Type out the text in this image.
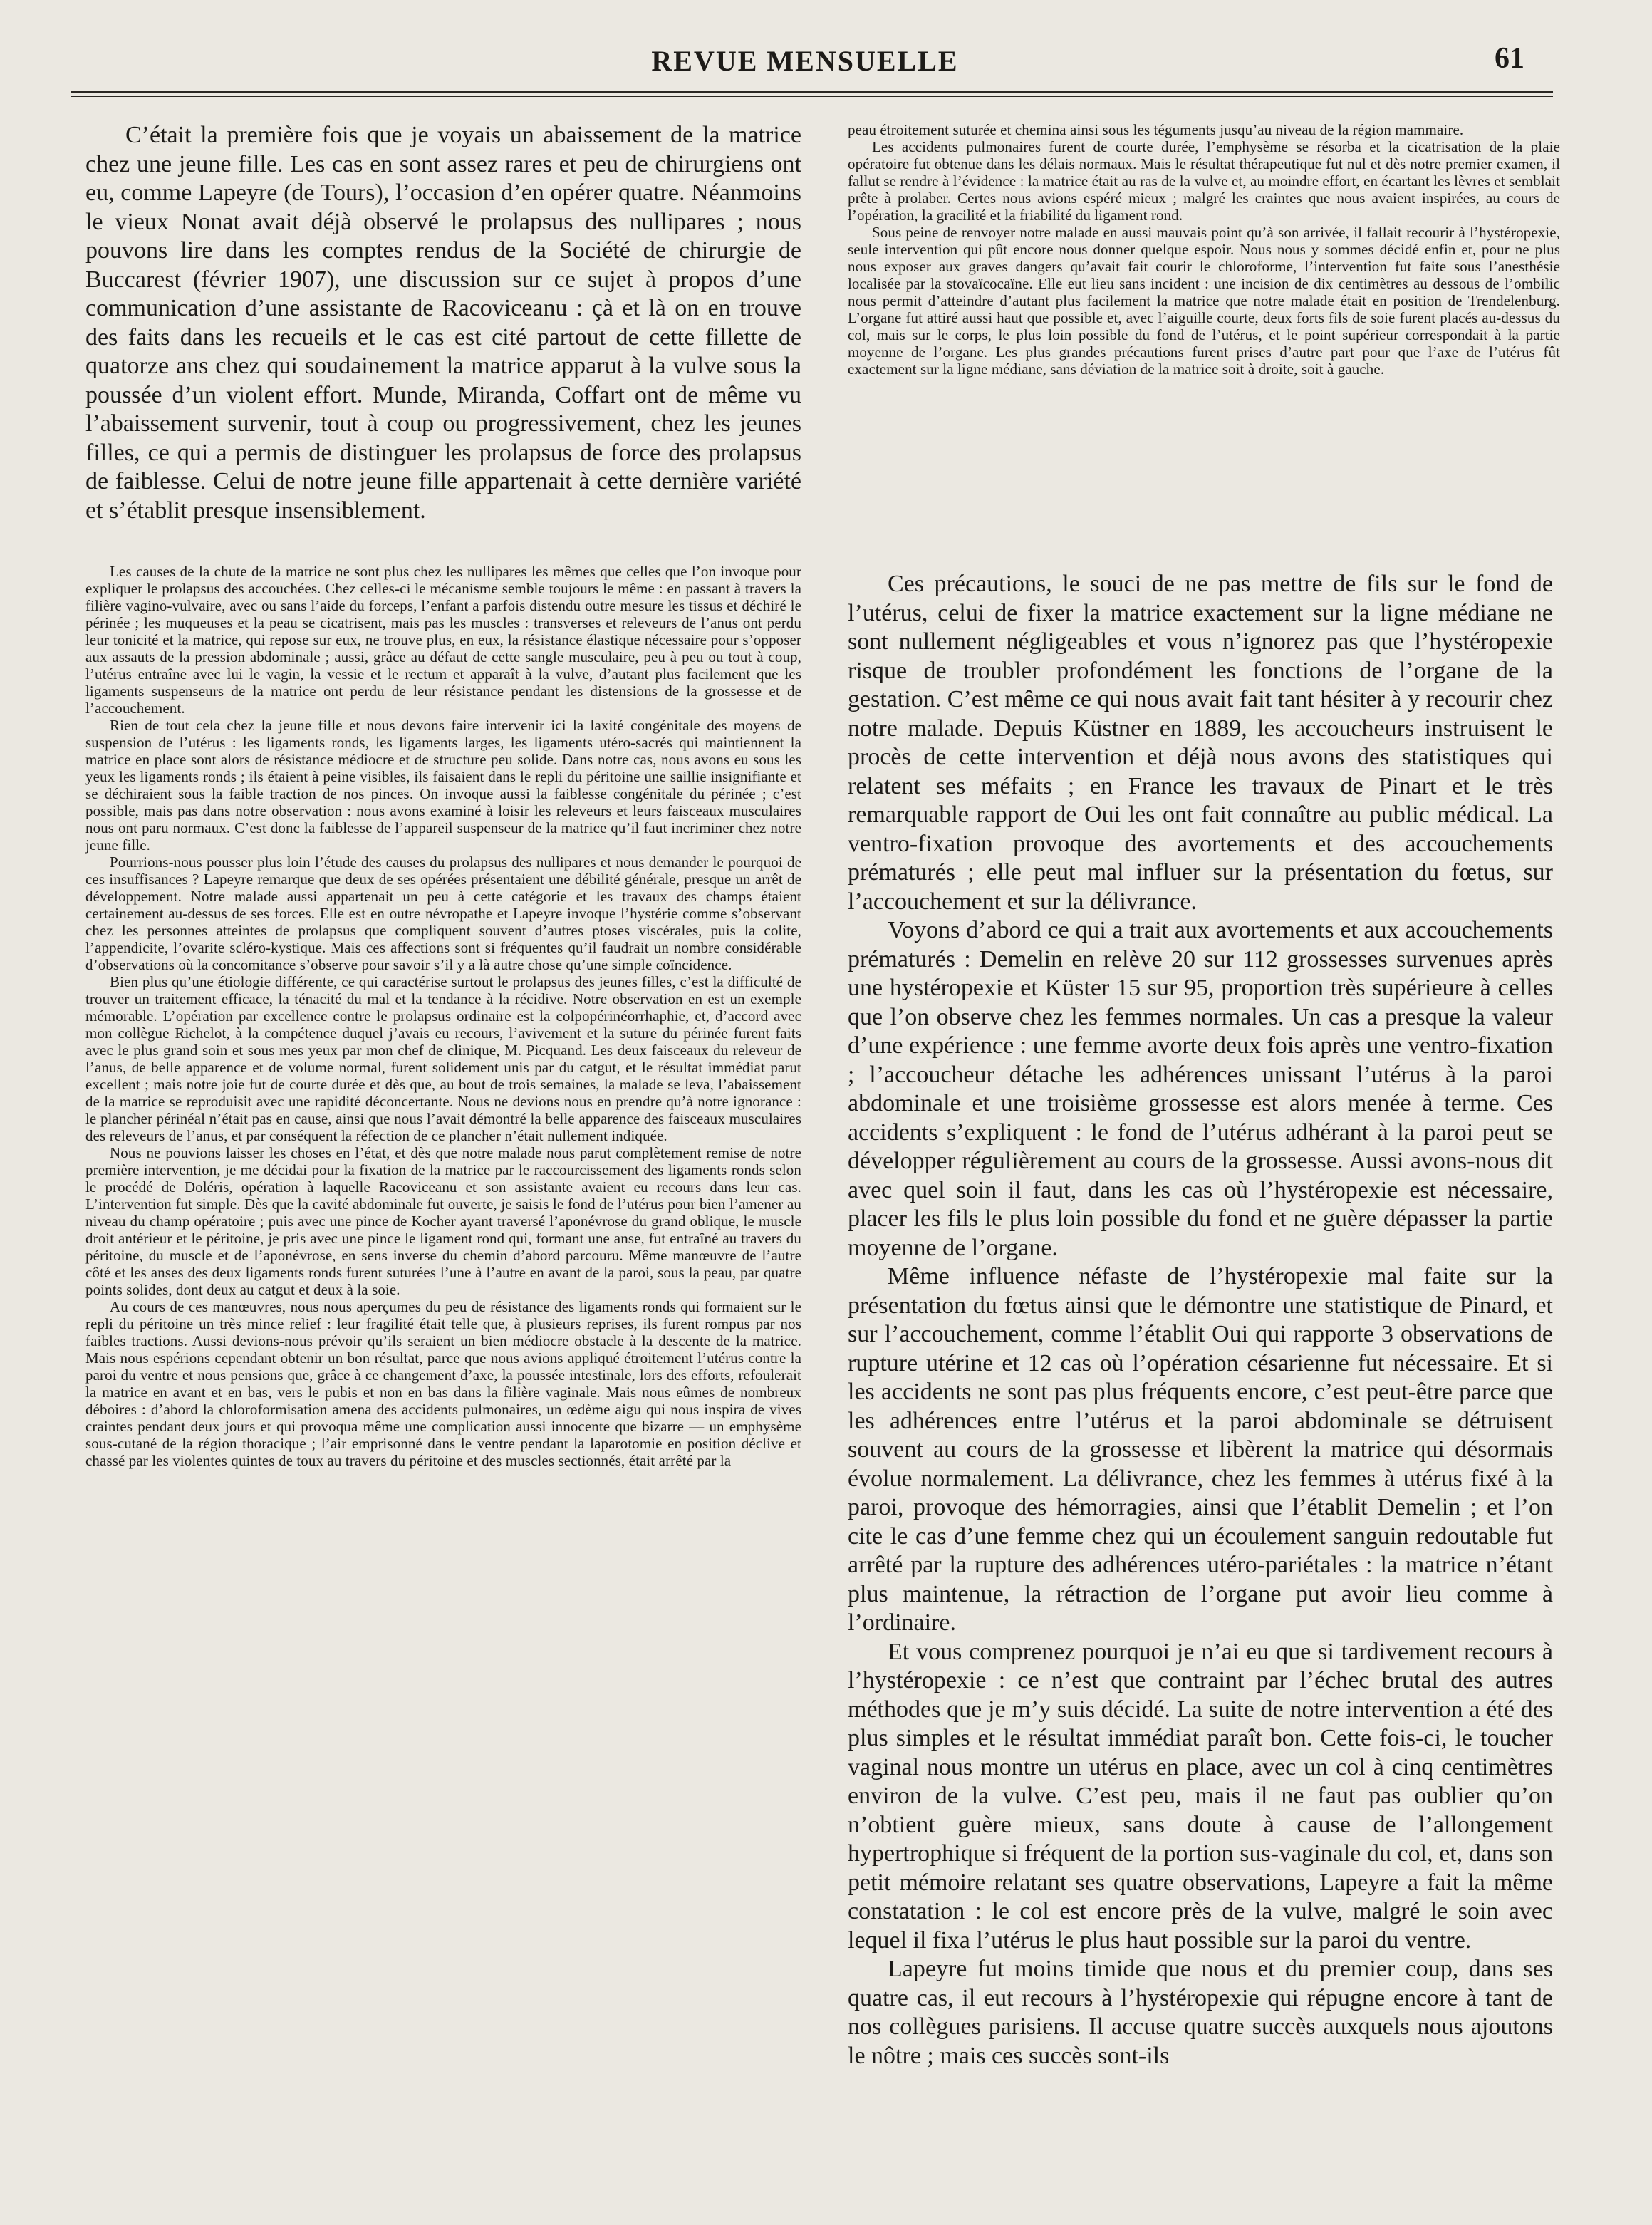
REVUE MENSUELLE	61

C’était la première fois que je voyais un abaissement de la matrice chez une jeune fille. Les cas en sont assez rares et peu de chirurgiens ont eu, comme Lapeyre (de Tours), l’occasion d’en opérer quatre. Néanmoins le vieux Nonat avait déjà observé le prolapsus des nullipares ; nous pouvons lire dans les comptes rendus de la Société de chirurgie de Buccarest (février 1907), une discussion sur ce sujet à propos d’une communication d’une assistante de Racoviceanu : çà et là on en trouve des faits dans les recueils et le cas est cité partout de cette fillette de quatorze ans chez qui soudainement la matrice apparut à la vulve sous la poussée d’un violent effort. Munde, Miranda, Coffart ont de même vu l’abaissement survenir, tout à coup ou progressivement, chez les jeunes filles, ce qui a permis de distinguer les prolapsus de force des prolapsus de faiblesse. Celui de notre jeune fille appartenait à cette dernière variété et s’établit presque insensiblement.

Les causes de la chute de la matrice ne sont plus chez les nullipares les mêmes que celles que l’on invoque pour expliquer le prolapsus des accouchées. Chez celles-ci le mécanisme semble toujours le même : en passant à travers la filière vagino-vulvaire, avec ou sans l’aide du forceps, l’enfant a parfois distendu outre mesure les tissus et déchiré le périnée ; les muqueuses et la peau se cicatrisent, mais pas les muscles : transverses et releveurs de l’anus ont perdu leur tonicité et la matrice, qui repose sur eux, ne trouve plus, en eux, la résistance élastique nécessaire pour s’opposer aux assauts de la pression abdominale ; aussi, grâce au défaut de cette sangle musculaire, peu à peu ou tout à coup, l’utérus entraîne avec lui le vagin, la vessie et le rectum et apparaît à la vulve, d’autant plus facilement que les ligaments suspenseurs de la matrice ont perdu de leur résistance pendant les distensions de la grossesse et de l’accouchement.

Rien de tout cela chez la jeune fille et nous devons faire intervenir ici la laxité congénitale des moyens de suspension de l’utérus : les ligaments ronds, les ligaments larges, les ligaments utéro-sacrés qui maintiennent la matrice en place sont alors de résistance médiocre et de structure peu solide. Dans notre cas, nous avons eu sous les yeux les ligaments ronds ; ils étaient à peine visibles, ils faisaient dans le repli du péritoine une saillie insignifiante et se déchiraient sous la faible traction de nos pinces. On invoque aussi la faiblesse congénitale du périnée ; c’est possible, mais pas dans notre observation : nous avons examiné à loisir les releveurs et leurs faisceaux musculaires nous ont paru normaux. C’est donc la faiblesse de l’appareil suspenseur de la matrice qu’il faut incriminer chez notre jeune fille.

Pourrions-nous pousser plus loin l’étude des causes du prolapsus des nullipares et nous demander le pourquoi de ces insuffisances ? Lapeyre remarque que deux de ses opérées présentaient une débilité générale, presque un arrêt de développement. Notre malade aussi appartenait un peu à cette catégorie et les travaux des champs étaient certainement au-dessus de ses forces. Elle est en outre névropathe et Lapeyre invoque l’hystérie comme s’observant chez les personnes atteintes de prolapsus que compliquent souvent d’autres ptoses viscérales, puis la colite, l’appendicite, l’ovarite scléro-kystique. Mais ces affections sont si fréquentes qu’il faudrait un nombre considérable d’observations où la concomitance s’observe pour savoir s’il y a là autre chose qu’une simple coïncidence.

Bien plus qu’une étiologie différente, ce qui caractérise surtout le prolapsus des jeunes filles, c’est la difficulté de trouver un traitement efficace, la ténacité du mal et la tendance à la récidive. Notre observation en est un exemple mémorable. L’opération par excellence contre le prolapsus ordinaire est la colpopérinéorrhaphie, et, d’accord avec mon collègue Richelot, à la compétence duquel j’avais eu recours, l’avivement et la suture du périnée furent faits avec le plus grand soin et sous mes yeux par mon chef de clinique, M. Picquand. Les deux faisceaux du releveur de l’anus, de belle apparence et de volume normal, furent solidement unis par du catgut, et le résultat immédiat parut excellent ; mais notre joie fut de courte durée et dès que, au bout de trois semaines, la malade se leva, l’abaissement de la matrice se reproduisit avec une rapidité déconcertante. Nous ne devions nous en prendre qu’à notre ignorance : le plancher périnéal n’était pas en cause, ainsi que nous l’avait démontré la belle apparence des faisceaux musculaires des releveurs de l’anus, et par conséquent la réfection de ce plancher n’était nullement indiquée.

Nous ne pouvions laisser les choses en l’état, et dès que notre malade nous parut complètement remise de notre première intervention, je me décidai pour la fixation de la matrice par le raccourcissement des ligaments ronds selon le procédé de Doléris, opération à laquelle Racoviceanu et son assistante avaient eu recours dans leur cas. L’intervention fut simple. Dès que la cavité abdominale fut ouverte, je saisis le fond de l’utérus pour bien l’amener au niveau du champ opératoire ; puis avec une pince de Kocher ayant traversé l’aponévrose du grand oblique, le muscle droit antérieur et le péritoine, je pris avec une pince le ligament rond qui, formant une anse, fut entraîné au travers du péritoine, du muscle et de l’aponévrose, en sens inverse du chemin d’abord parcouru. Même manœuvre de l’autre côté et les anses des deux ligaments ronds furent suturées l’une à l’autre en avant de la paroi, sous la peau, par quatre points solides, dont deux au catgut et deux à la soie.

Au cours de ces manœuvres, nous nous aperçumes du peu de résistance des ligaments ronds qui formaient sur le repli du péritoine un très mince relief : leur fragilité était telle que, à plusieurs reprises, ils furent rompus par nos faibles tractions. Aussi devions-nous prévoir qu’ils seraient un bien médiocre obstacle à la descente de la matrice. Mais nous espérions cependant obtenir un bon résultat, parce que nous avions appliqué étroitement l’utérus contre la paroi du ventre et nous pensions que, grâce à ce changement d’axe, la poussée intestinale, lors des efforts, refoulerait la matrice en avant et en bas, vers le pubis et non en bas dans la filière vaginale. Mais nous eûmes de nombreux déboires : d’abord la chloroformisation amena des accidents pulmonaires, un œdème aigu qui nous inspira de vives craintes pendant deux jours et qui provoqua même une complication aussi innocente que bizarre — un emphysème sous-cutané de la région thoracique ; l’air emprisonné dans le ventre pendant la laparotomie en position déclive et chassé par les violentes quintes de toux au travers du péritoine et des muscles sectionnés, était arrêté par la

peau étroitement suturée et chemina ainsi sous les téguments jusqu’au niveau de la région mammaire.

Les accidents pulmonaires furent de courte durée, l’emphysème se résorba et la cicatrisation de la plaie opératoire fut obtenue dans les délais normaux. Mais le résultat thérapeutique fut nul et dès notre premier examen, il fallut se rendre à l’évidence : la matrice était au ras de la vulve et, au moindre effort, en écartant les lèvres et semblait prête à prolaber. Certes nous avions espéré mieux ; malgré les craintes que nous avaient inspirées, au cours de l’opération, la gracilité et la friabilité du ligament rond.

Sous peine de renvoyer notre malade en aussi mauvais point qu’à son arrivée, il fallait recourir à l’hystéropexie, seule intervention qui pût encore nous donner quelque espoir. Nous nous y sommes décidé enfin et, pour ne plus nous exposer aux graves dangers qu’avait fait courir le chloroforme, l’intervention fut faite sous l’anesthésie localisée par la stovaïcocaïne. Elle eut lieu sans incident : une incision de dix centimètres au dessous de l’ombilic nous permit d’atteindre d’autant plus facilement la matrice que notre malade était en position de Trendelenburg. L’organe fut attiré aussi haut que possible et, avec l’aiguille courte, deux forts fils de soie furent placés au-dessus du col, mais sur le corps, le plus loin possible du fond de l’utérus, et le point supérieur correspondait à la partie moyenne de l’organe. Les plus grandes précautions furent prises d’autre part pour que l’axe de l’utérus fût exactement sur la ligne médiane, sans déviation de la matrice soit à droite, soit à gauche.

Ces précautions, le souci de ne pas mettre de fils sur le fond de l’utérus, celui de fixer la matrice exactement sur la ligne médiane ne sont nullement négligeables et vous n’ignorez pas que l’hystéropexie risque de troubler profondément les fonctions de l’organe de la gestation. C’est même ce qui nous avait fait tant hésiter à y recourir chez notre malade. Depuis Küstner en 1889, les accoucheurs instruisent le procès de cette intervention et déjà nous avons des statistiques qui relatent ses méfaits ; en France les travaux de Pinart et le très remarquable rapport de Oui les ont fait connaître au public médical. La ventro-fixation provoque des avortements et des accouchements prématurés ; elle peut mal influer sur la présentation du fœtus, sur l’accouchement et sur la délivrance.

Voyons d’abord ce qui a trait aux avortements et aux accouchements prématurés : Demelin en relève 20 sur 112 grossesses survenues après une hystéropexie et Küster 15 sur 95, proportion très supérieure à celles que l’on observe chez les femmes normales. Un cas a presque la valeur d’une expérience : une femme avorte deux fois après une ventro-fixation ; l’accoucheur détache les adhérences unissant l’utérus à la paroi abdominale et une troisième grossesse est alors menée à terme. Ces accidents s’expliquent : le fond de l’utérus adhérant à la paroi peut se développer régulièrement au cours de la grossesse. Aussi avons-nous dit avec quel soin il faut, dans les cas où l’hystéropexie est nécessaire, placer les fils le plus loin possible du fond et ne guère dépasser la partie moyenne de l’organe.

Même influence néfaste de l’hystéropexie mal faite sur la présentation du fœtus ainsi que le démontre une statistique de Pinard, et sur l’accouchement, comme l’établit Oui qui rapporte 3 observations de rupture utérine et 12 cas où l’opération césarienne fut nécessaire. Et si les accidents ne sont pas plus fréquents encore, c’est peut-être parce que les adhérences entre l’utérus et la paroi abdominale se détruisent souvent au cours de la grossesse et libèrent la matrice qui désormais évolue normalement. La délivrance, chez les femmes à utérus fixé à la paroi, provoque des hémorragies, ainsi que l’établit Demelin ; et l’on cite le cas d’une femme chez qui un écoulement sanguin redoutable fut arrêté par la rupture des adhérences utéro-pariétales : la matrice n’étant plus maintenue, la rétraction de l’organe put avoir lieu comme à l’ordinaire.

Et vous comprenez pourquoi je n’ai eu que si tardivement recours à l’hystéropexie : ce n’est que contraint par l’échec brutal des autres méthodes que je m’y suis décidé. La suite de notre intervention a été des plus simples et le résultat immédiat paraît bon. Cette fois-ci, le toucher vaginal nous montre un utérus en place, avec un col à cinq centimètres environ de la vulve. C’est peu, mais il ne faut pas oublier qu’on n’obtient guère mieux, sans doute à cause de l’allongement hypertrophique si fréquent de la portion sus-vaginale du col, et, dans son petit mémoire relatant ses quatre observations, Lapeyre a fait la même constatation : le col est encore près de la vulve, malgré le soin avec lequel il fixa l’utérus le plus haut possible sur la paroi du ventre.

Lapeyre fut moins timide que nous et du premier coup, dans ses quatre cas, il eut recours à l’hystéropexie qui répugne encore à tant de nos collègues parisiens. Il accuse quatre succès auxquels nous ajoutons le nôtre ; mais ces succès sont-ils
